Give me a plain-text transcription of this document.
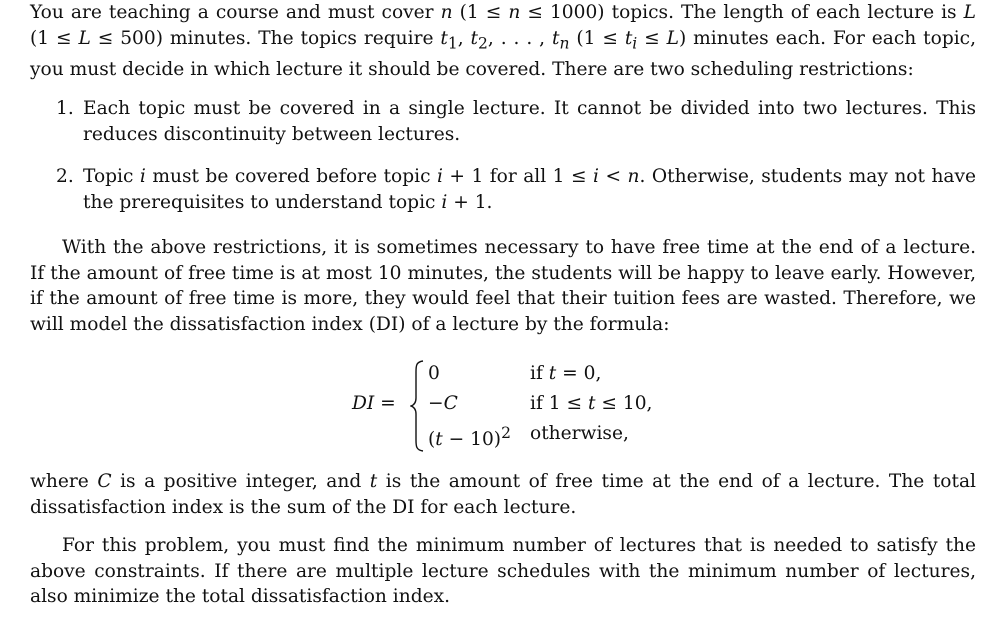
You are teaching a course and must cover n (1 ≤ n ≤ 1000) topics. The length of each lecture is L (1 ≤ L ≤ 500) minutes. The topics require $t_1$, $t_2$, . . . , $t_n$ $(1 \le t_i \le L)$ minutes each. For each topic, you must decide in which lecture it should be covered. There are two scheduling restrictions:

1. Each topic must be covered in a single lecture. It cannot be divided into two lectures. This reduces discontinuity between lectures.
2. Topic i must be covered before topic i + 1 for all 1 ≤ i < n. Otherwise, students may not have the prerequisites to understand topic i + 1.

With the above restrictions, it is sometimes necessary to have free time at the end of a lecture. If the amount of free time is at most 10 minutes, the students will be happy to leave early. However, if the amount of free time is more, they would feel that their tuition fees are wasted. Therefore, we will model the dissatisfaction index (DI) of a lecture by the formula:

DI =
0	if t = 0,
−C	if 1 ≤ t ≤ 10,
$(t - 10)^2$ otherwise,

where C is a positive integer, and t is the amount of free time at the end of a lecture. The total dissatisfaction index is the sum of the DI for each lecture.

For this problem, you must find the minimum number of lectures that is needed to satisfy the above constraints. If there are multiple lecture schedules with the minimum number of lectures, also minimize the total dissatisfaction index.
